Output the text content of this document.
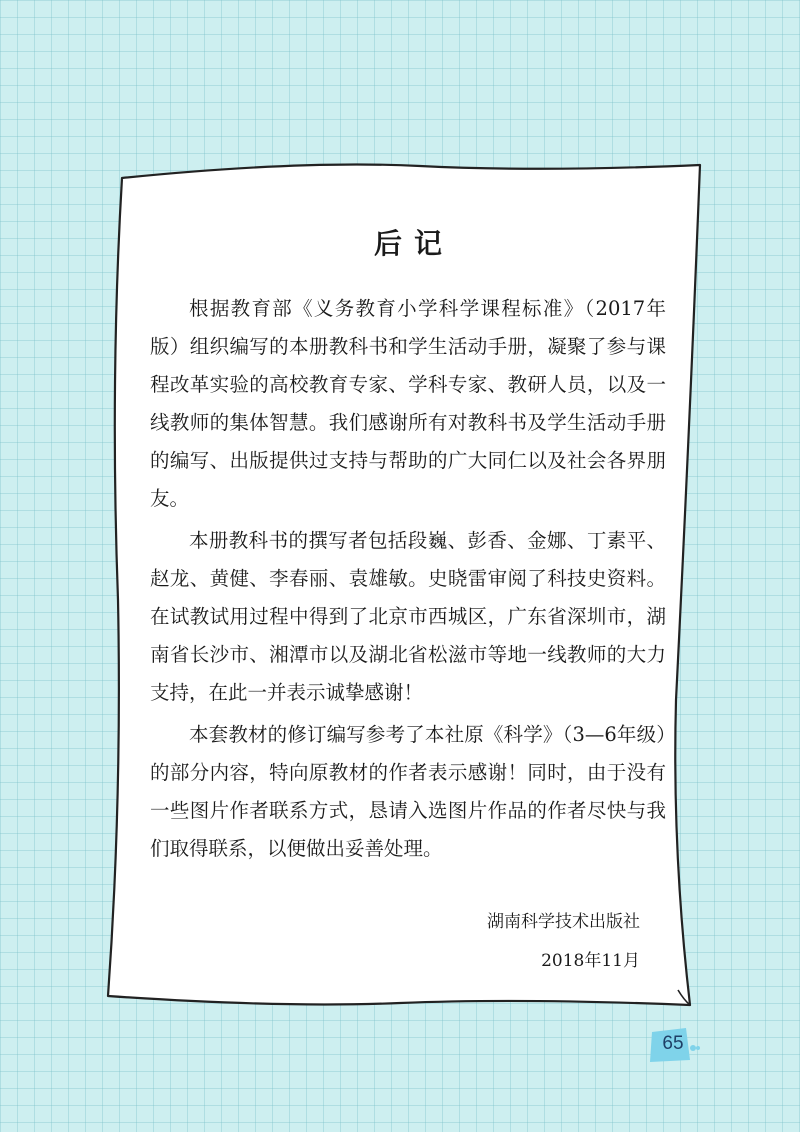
后记

根据教育部《义务教育小学科学课程标准》（2017年版）组织编写的本册教科书和学生活动手册，凝聚了参与课程改革实验的高校教育专家、学科专家、教研人员，以及一线教师的集体智慧。我们感谢所有对教科书及学生活动手册的编写、出版提供过支持与帮助的广大同仁以及社会各界朋友。

本册教科书的撰写者包括段巍、彭香、金娜、丁素平、赵龙、黄健、李春丽、袁雄敏。史晓雷审阅了科技史资料。在试教试用过程中得到了北京市西城区，广东省深圳市，湖南省长沙市、湘潭市以及湖北省松滋市等地一线教师的大力支持，在此一并表示诚挚感谢！

本套教材的修订编写参考了本社原《科学》（3—6年级）的部分内容，特向原教材的作者表示感谢！同时，由于没有一些图片作者联系方式，恳请入选图片作品的作者尽快与我们取得联系，以便做出妥善处理。

湖南科学技术出版社
2018年11月
65
